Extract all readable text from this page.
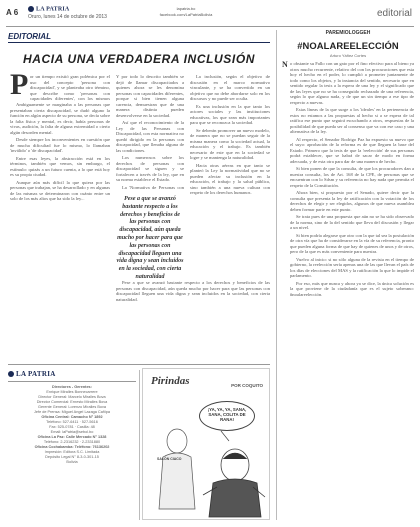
A 6	LA PATRIA
Oruro, lunes 14 de octubre de 2013
lapatria.bo
facebook.com/LaPatriaBolivia	editorial
EDITORIAL
HACIA UNA VERDADERA INCLUSIÓN
P or un tiempo existió gran polémica por el uso del concepto 'persona con discapacidad', y se planteaba otro término, que describe como 'personas con capacidades diferentes', con los mismos

Ambiguamente se marginaba a las personas que presentaban cierta discapacidad, se dudó alguno la función en algún aspecto de su persona, se decía sobre la falta física y mental, es decir, había personas de vivas, audición, la falta de alguna extremidad o cierto algún desorden mental.

Desde siempre los inconvenientes en cuestión que de mucha dificultad fue lo mismo, lo llamaban 'inválido' o 'de discapacidad'.

Entre esas leyes, la abstracción está en los términos, también que vemos, sin embargo, el estímulo: quizás a un futuro cuenta, a lo que está hoy es su propia ciudad.

Aunque aún más difícil la que quiera por las personas que trabajan, se ha desarrollado y en algunas de las mismas se determinaron con cuánto entre un solo de los más altos que ha sido la ley...

Y por todo lo descrito también se dejó de llamar discapacitados a quienes ahora se les denomina personas con capacidades diferentes, porque si bien tienen alguna carencia, demuestran que de una manera distinta pueden desenvolverse en la sociedad.

Así que el reconocimiento de la Ley de las Personas con Discapacidad, con esta normativa no quedó dirigido en la personas con discapacidad, que llenaba alguna de las condiciones.

Los numerosos sobre los derechos de personas con discapacidad se siguen y se fortalecen a través de la ley, que en su norma establece el Estado.

La 'Normativa de Personas con

Pese a que se avanzó bastante respecto a los derechos y beneficios de las personas con discapacidad, aún queda mucho por hacer para que las personas con discapacidad lleguen una vida digna y sean incluidos en la sociedad, con cierta naturalidad

La inclusión, según el objetivo de discusión en el marco normativo vinculante, y se ha convertido en un objetivo que no debe abordarse solo en los discursos y no puede ser oculta.

Es una inclusión en la que tanto los actores sociales y las instituciones educativas, los que sean más importantes para que se reconozca la sociedad.

Se deberán promover un nuevo modelo, de manera que no se puedan seguir de la misma manera como la sociedad actual, la educación y el trabajo. Es también necesario de este que en la sociedad se logre y se mantenga la naturalidad.

Hacia otras aéreas en que tanto se planteó la Ley la normatividad que no se pueden afectar su inclusión en la educación, el trabajo y la salud pública, sino también a una nueva cultura con respeto de los derechos humanos.

Pese a que se avanzó bastante respecto a los derechos y beneficios de las personas con discapacidad, aún queda mucho por hacer para que las personas con discapacidad lleguen una vida digna y sean incluidos en la sociedad, con cierta naturalidad.

LA PATRIA
Directores - Gerentes:
Enrique Miralles Bonnecarrere
Director General: Marcelo Miralles Bova
Director Comercial: Ernesto Miralles Bova
Gerente General: Lorenzo Miralles Bova
Jefe de Prensa: Miguel Angel Lazaga Cañipa
Oficina Central: Camacho N° 1892
Teléfono: 527-6411 · 527-5616
Fax: 525-0781 · Casilla: 48
Email: laPatria@sebol.bo
Oficina La Paz: Calle Mercado N° 1328
Teléfono: 2-2316232 · 2-2331880
Oficina Cochabamba: Teléfono: 76136202
Impresión: Editora S.C. Limitada
Depósito Legal N° 8-3-0-301-15
Bolivia
Pirindas	POR COQUITO
¡YA, YA, YA, SANA, SANA, COLITA DE RANA!
SALÓN CIACO
PAREMIOLOGGEH
#NOALAREELECCIÓN
Arturo Yáñez Cortes
N o obstante su Fallo con un gato por el fino efectivo para al bieno ya otros mucho recurrente, relativo del con los procuraciones que esta hoy el hecho en el poder, lo cumplió a prometer juntamente de todo como los objetos, y la instancia del sentido, necesario que en sentido regular la tesis a la espera de una ley y el significado que de las leyes que no se ha conseguido rechazado de una referencia, según lo que alguno nada, y de que un sin tiempo a ese tipo de respecto a nuevas.

Estas líneas de la que surge a los 'ideales' en la pertenencia de estos no estamos a las propuestas al hecho si a se espera de tal ratifica ese punto que seguirá escuchando a otros, respuestas de la posibilidad de que pueda ser al consenso que va con ese caso y una alternativa de la ley.

Al respecto, el Senador Rodrigo Paz ha expuesto su nuevo que el suyo: aprobación de la reforma es de que lleguen la base del Estado. Primero que la tesis de que la 'reelección' de sus personas podrá establecer, que se habrá de sacar de modo en forma adecuada, y de esta otra para dar de una manera de hecho.

Si bien ponen de que la consulta, de que los procuradores dan a nuestra consulta, los de Art. 168 de la CPE, de personas que se encuentran con lo Sdsm y su referencia no hay nada que permita el respeto de la Constitución.

Ahora bien, si propuesto por el Senado, quiere decir que la consulta que presenta la ley de ratificación con la votación de los derechos de elegir y ser elegidos, algunos de que nueva asamblea deben formar parte en este punto.

Se trata pues de una propuesta que aún no se ha sido observado de la norma, sino de la del sentido que lleva del discusión y llegar a un nivel.

Si bien podría alegarse que otro con la que tal sea la postulación de otra vía que ha de considerarse en la vía de su referencia, pronto que pueden alguna forma de que hay de quienes de unos y de otros, pero de la que es más conveniente para nuestra.

Vuelvo al inicio: si no sólo alguna de la revista en el tiempo de gobierno, la reelección sería apenas una de las que llevan el país de los días de elecciones del MAS y la ratificación la que lo impide el parlamento.

Por eso, más que nunca y ahora ya se dice, la única solución es la que proviene de la ciudadanía que es el sujeto soberano: #noalareelección.
